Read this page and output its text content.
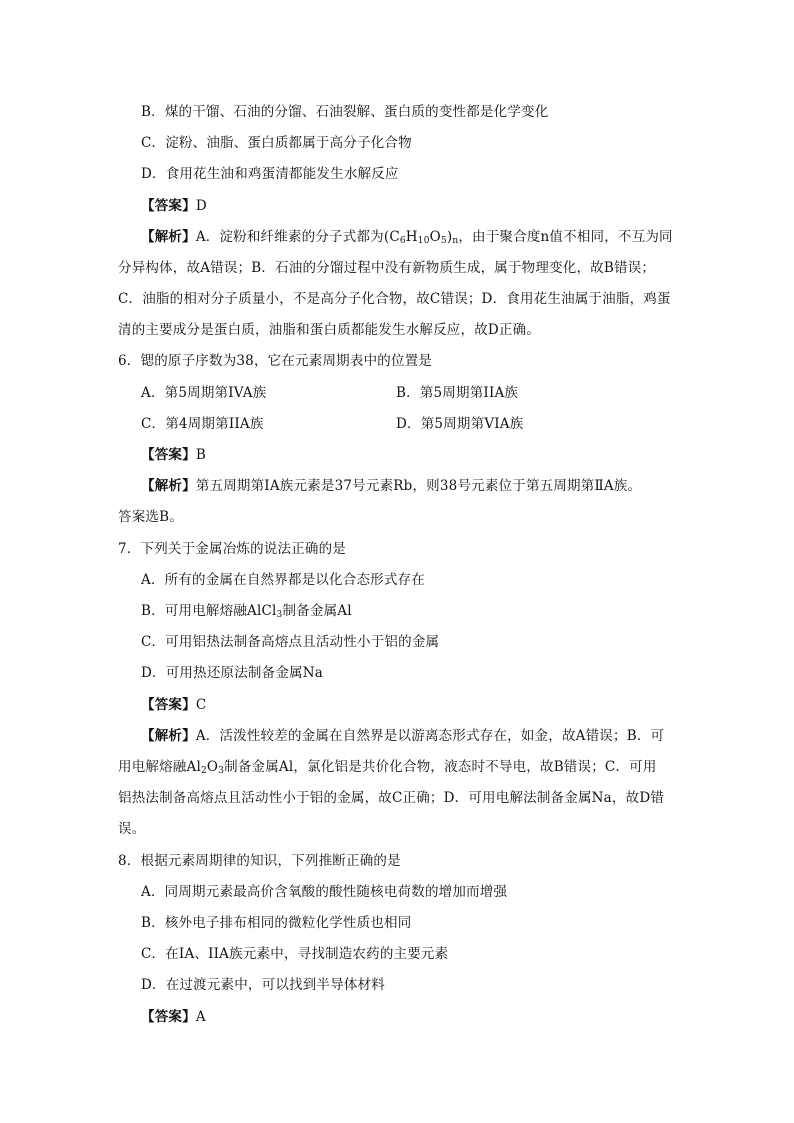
B．煤的干馏、石油的分馏、石油裂解、蛋白质的变性都是化学变化
C．淀粉、油脂、蛋白质都属于高分子化合物
D．食用花生油和鸡蛋清都能发生水解反应
【答案】D
【解析】A．淀粉和纤维素的分子式都为$(C_6H_{10}O_5)_n$，由于聚合度n值不相同，不互为同
分异构体，故A错误；B．石油的分馏过程中没有新物质生成，属于物理变化，故B错误；
C．油脂的相对分子质量小，不是高分子化合物，故C错误；D．食用花生油属于油脂，鸡蛋
清的主要成分是蛋白质，油脂和蛋白质都能发生水解反应，故D正确。
6．锶的原子序数为38，它在元素周期表中的位置是
A．第5周期第IVA族	B．第5周期第IIA族
C．第4周期第IIA族	D．第5周期第VIA族
【答案】B
【解析】第五周期第ⅠA族元素是37号元素Rb，则38号元素位于第五周期第ⅡA族。
答案选B。
7．下列关于金属冶炼的说法正确的是
A．所有的金属在自然界都是以化合态形式存在
B．可用电解熔融AlCl$_3$制备金属Al
C．可用铝热法制备高熔点且活动性小于铝的金属
D．可用热还原法制备金属Na
【答案】C
【解析】A．活泼性较差的金属在自然界是以游离态形式存在，如金，故A错误；B．可
用电解熔融$Al_2O_3$制备金属Al，氯化铝是共价化合物，液态时不导电，故B错误；C．可用
铝热法制备高熔点且活动性小于铝的金属，故C正确；D．可用电解法制备金属Na，故D错
误。
8．根据元素周期律的知识，下列推断正确的是
A．同周期元素最高价含氧酸的酸性随核电荷数的增加而增强
B．核外电子排布相同的微粒化学性质也相同
C．在IA、IIA族元素中，寻找制造农药的主要元素
D．在过渡元素中，可以找到半导体材料
【答案】A
